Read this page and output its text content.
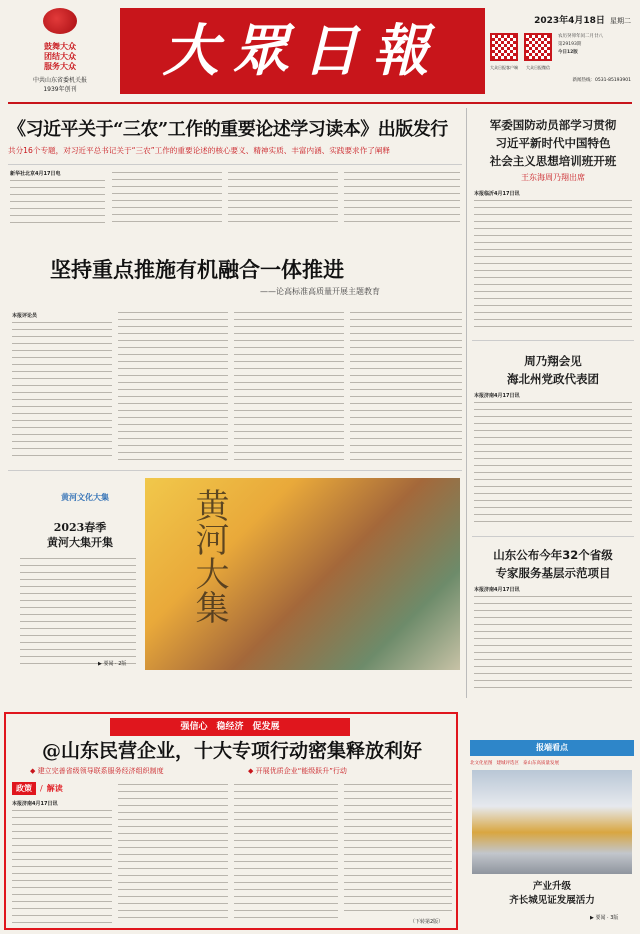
鼓舞大众
团结大众
服务大众
中共山东省委机关报
1939年创刊
大眾日報	2023年4月18日 星期二
大众日报客户端	大众日报微信
农历癸卯年闰二月廿八
第29193期
今日12版
新闻热线：0531-85193901
《习近平关于“三农”工作的重要论述学习读本》出版发行
共分16个专题，对习近平总书记关于“三农”工作的重要论述的核心要义、精神实质、丰富内涵、实践要求作了阐释
新华社北京4月17日电
坚持重点推施有机融合一体推进
——论高标准高质量开展主题教育
本报评论员
黄河文化大集
2023春季
黄河大集开集
▶ 要闻 · 2版
黄河大集
军委国防动员部学习贯彻
习近平新时代中国特色
社会主义思想培训班开班
王东海周乃翔出席
本报临沂4月17日讯
周乃翔会见
海北州党政代表团
本报济南4月17日讯
山东公布今年32个省级
专家服务基层示范项目
本报济南4月17日讯
强信心　稳经济　促发展
@山东民营企业，十大专项行动密集释放利好
◆ 建立完善省级领导联系服务经济组织制度	◆ 开展优质企业“能级跃升”行动
政策	/ 解读
本报济南4月17日讯
（下转第2版）
报端看点
北文化星图 建城评选区 泰山东高质量发展
产业升级
齐长城见证发展活力
▶ 要闻 · 3版
